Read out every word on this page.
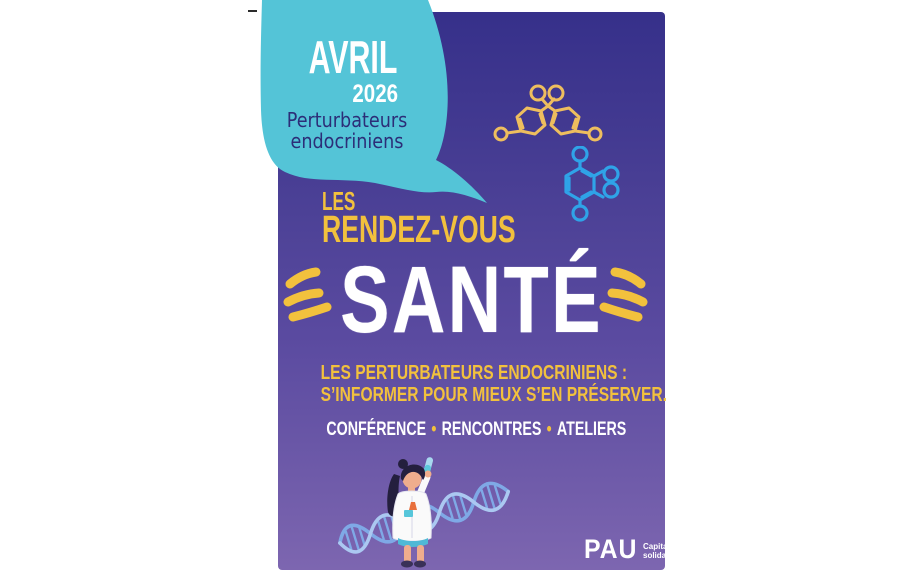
AVRIL
2026
Perturbateurs
endocriniens
LES
RENDEZ-VOUS
SANTÉ
LES PERTURBATEURS ENDOCRINIENS :
S’INFORMER POUR MIEUX S’EN PRÉSERVER.
CONFÉRENCE • RENCONTRES • ATELIERS
PAU Capitale
solidaire
